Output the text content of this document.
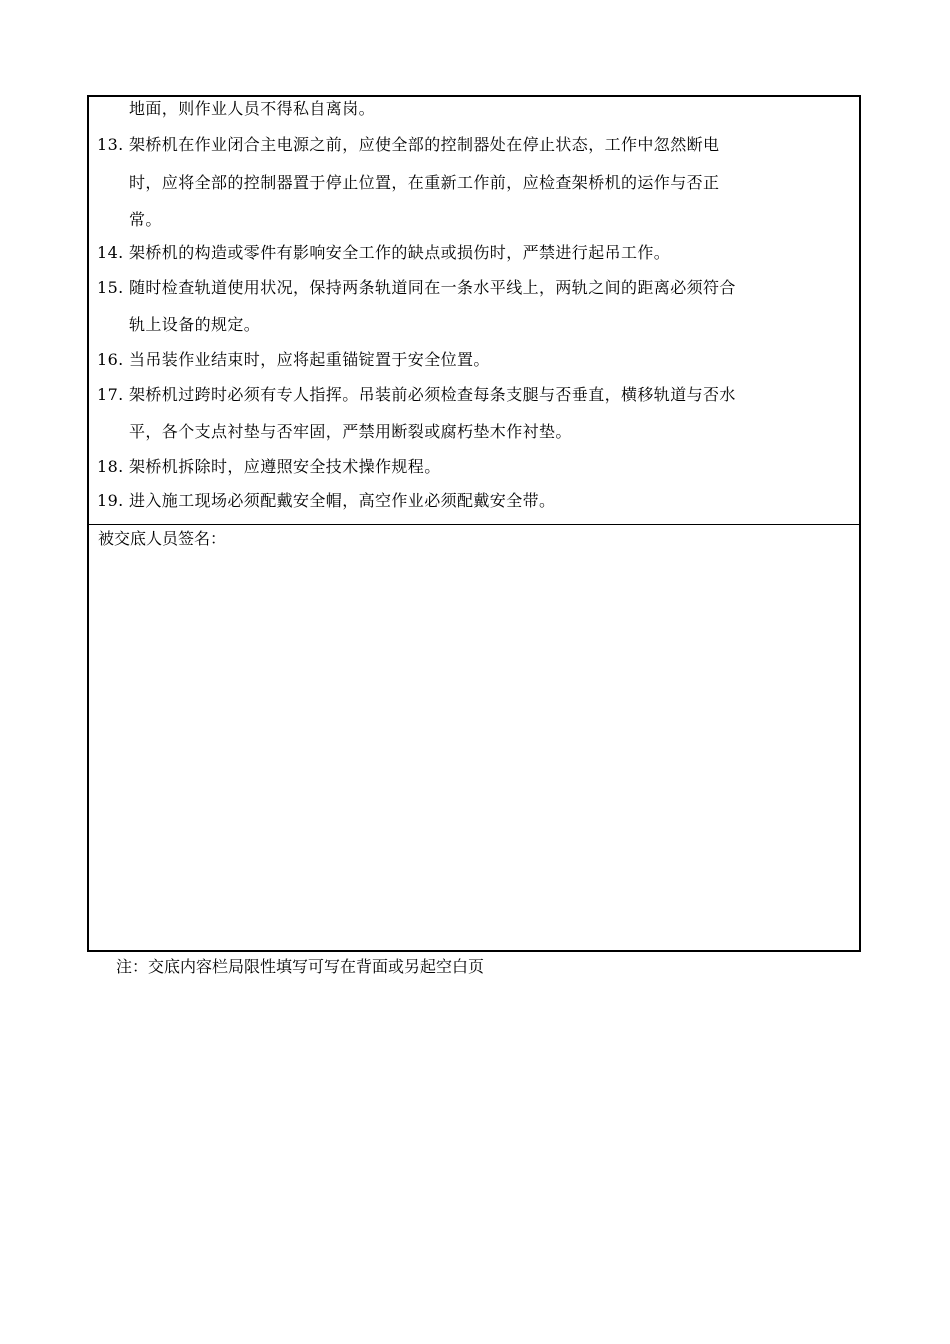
地面，则作业人员不得私自离岗。
13. 架桥机在作业闭合主电源之前，应使全部的控制器处在停止状态，工作中忽然断电
时，应将全部的控制器置于停止位置，在重新工作前，应检查架桥机的运作与否正
常。
14. 架桥机的构造或零件有影响安全工作的缺点或损伤时，严禁进行起吊工作。
15. 随时检查轨道使用状况，保持两条轨道同在一条水平线上，两轨之间的距离必须符合
轨上设备的规定。
16. 当吊装作业结束时，应将起重锚锭置于安全位置。
17. 架桥机过跨时必须有专人指挥。吊装前必须检查每条支腿与否垂直，横移轨道与否水
平，各个支点衬垫与否牢固，严禁用断裂或腐朽垫木作衬垫。
18. 架桥机拆除时，应遵照安全技术操作规程。
19. 进入施工现场必须配戴安全帽，高空作业必须配戴安全带。
被交底人员签名：
注：交底内容栏局限性填写可写在背面或另起空白页
